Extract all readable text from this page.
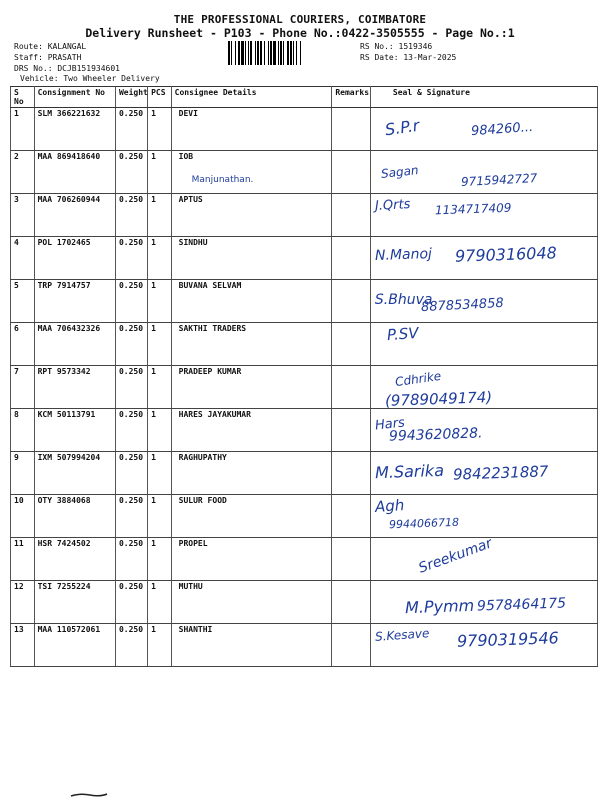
THE PROFESSIONAL COURIERS, COIMBATORE
Delivery Runsheet - P103 - Phone No.:0422-3505555 - Page No.:1
Route: KALANGAL
Staff: PRASATH
DRS No.: DCJB151934601
Vehicle: Two Wheeler Delivery
RS No.: 1519346
RS Date: 13-Mar-2025
S No	Consignment No	Weight	PCS	Consignee Details	Remarks	Seal & Signature
1	SLM 366221632	0.250	1	DEVI		S.P.r 984260...

2	MAA 869418640	0.250	1	IOB
Manjunathan.		Sagan 9715942727

3	MAA 706260944	0.250	1	APTUS		J.Qrts 1134717409

4	POL 1702465	0.250	1	SINDHU		N.Manoj 9790316048

5	TRP 7914757	0.250	1	BUVANA SELVAM		S.Bhuva
8878534858

6	MAA 706432326	0.250	1	SAKTHI TRADERS		P.SV

7	RPT 9573342	0.250	1	PRADEEP KUMAR		Cdhrike
(9789049174)

8	KCM 50113791	0.250	1	HARES JAYAKUMAR		Hars
9943620828.

9	IXM 507994204	0.250	1	RAGHUPATHY		M.Sarika 9842231887

10	OTY 3884068	0.250	1	SULUR FOOD		Agh
9944066718

11	HSR 7424502	0.250	1	PROPEL		Sreekumar

12	TSI 7255224	0.250	1	MUTHU		M.Pymm 9578464175

13	MAA 110572061	0.250	1	SHANTHI		S.Kesave 9790319546
